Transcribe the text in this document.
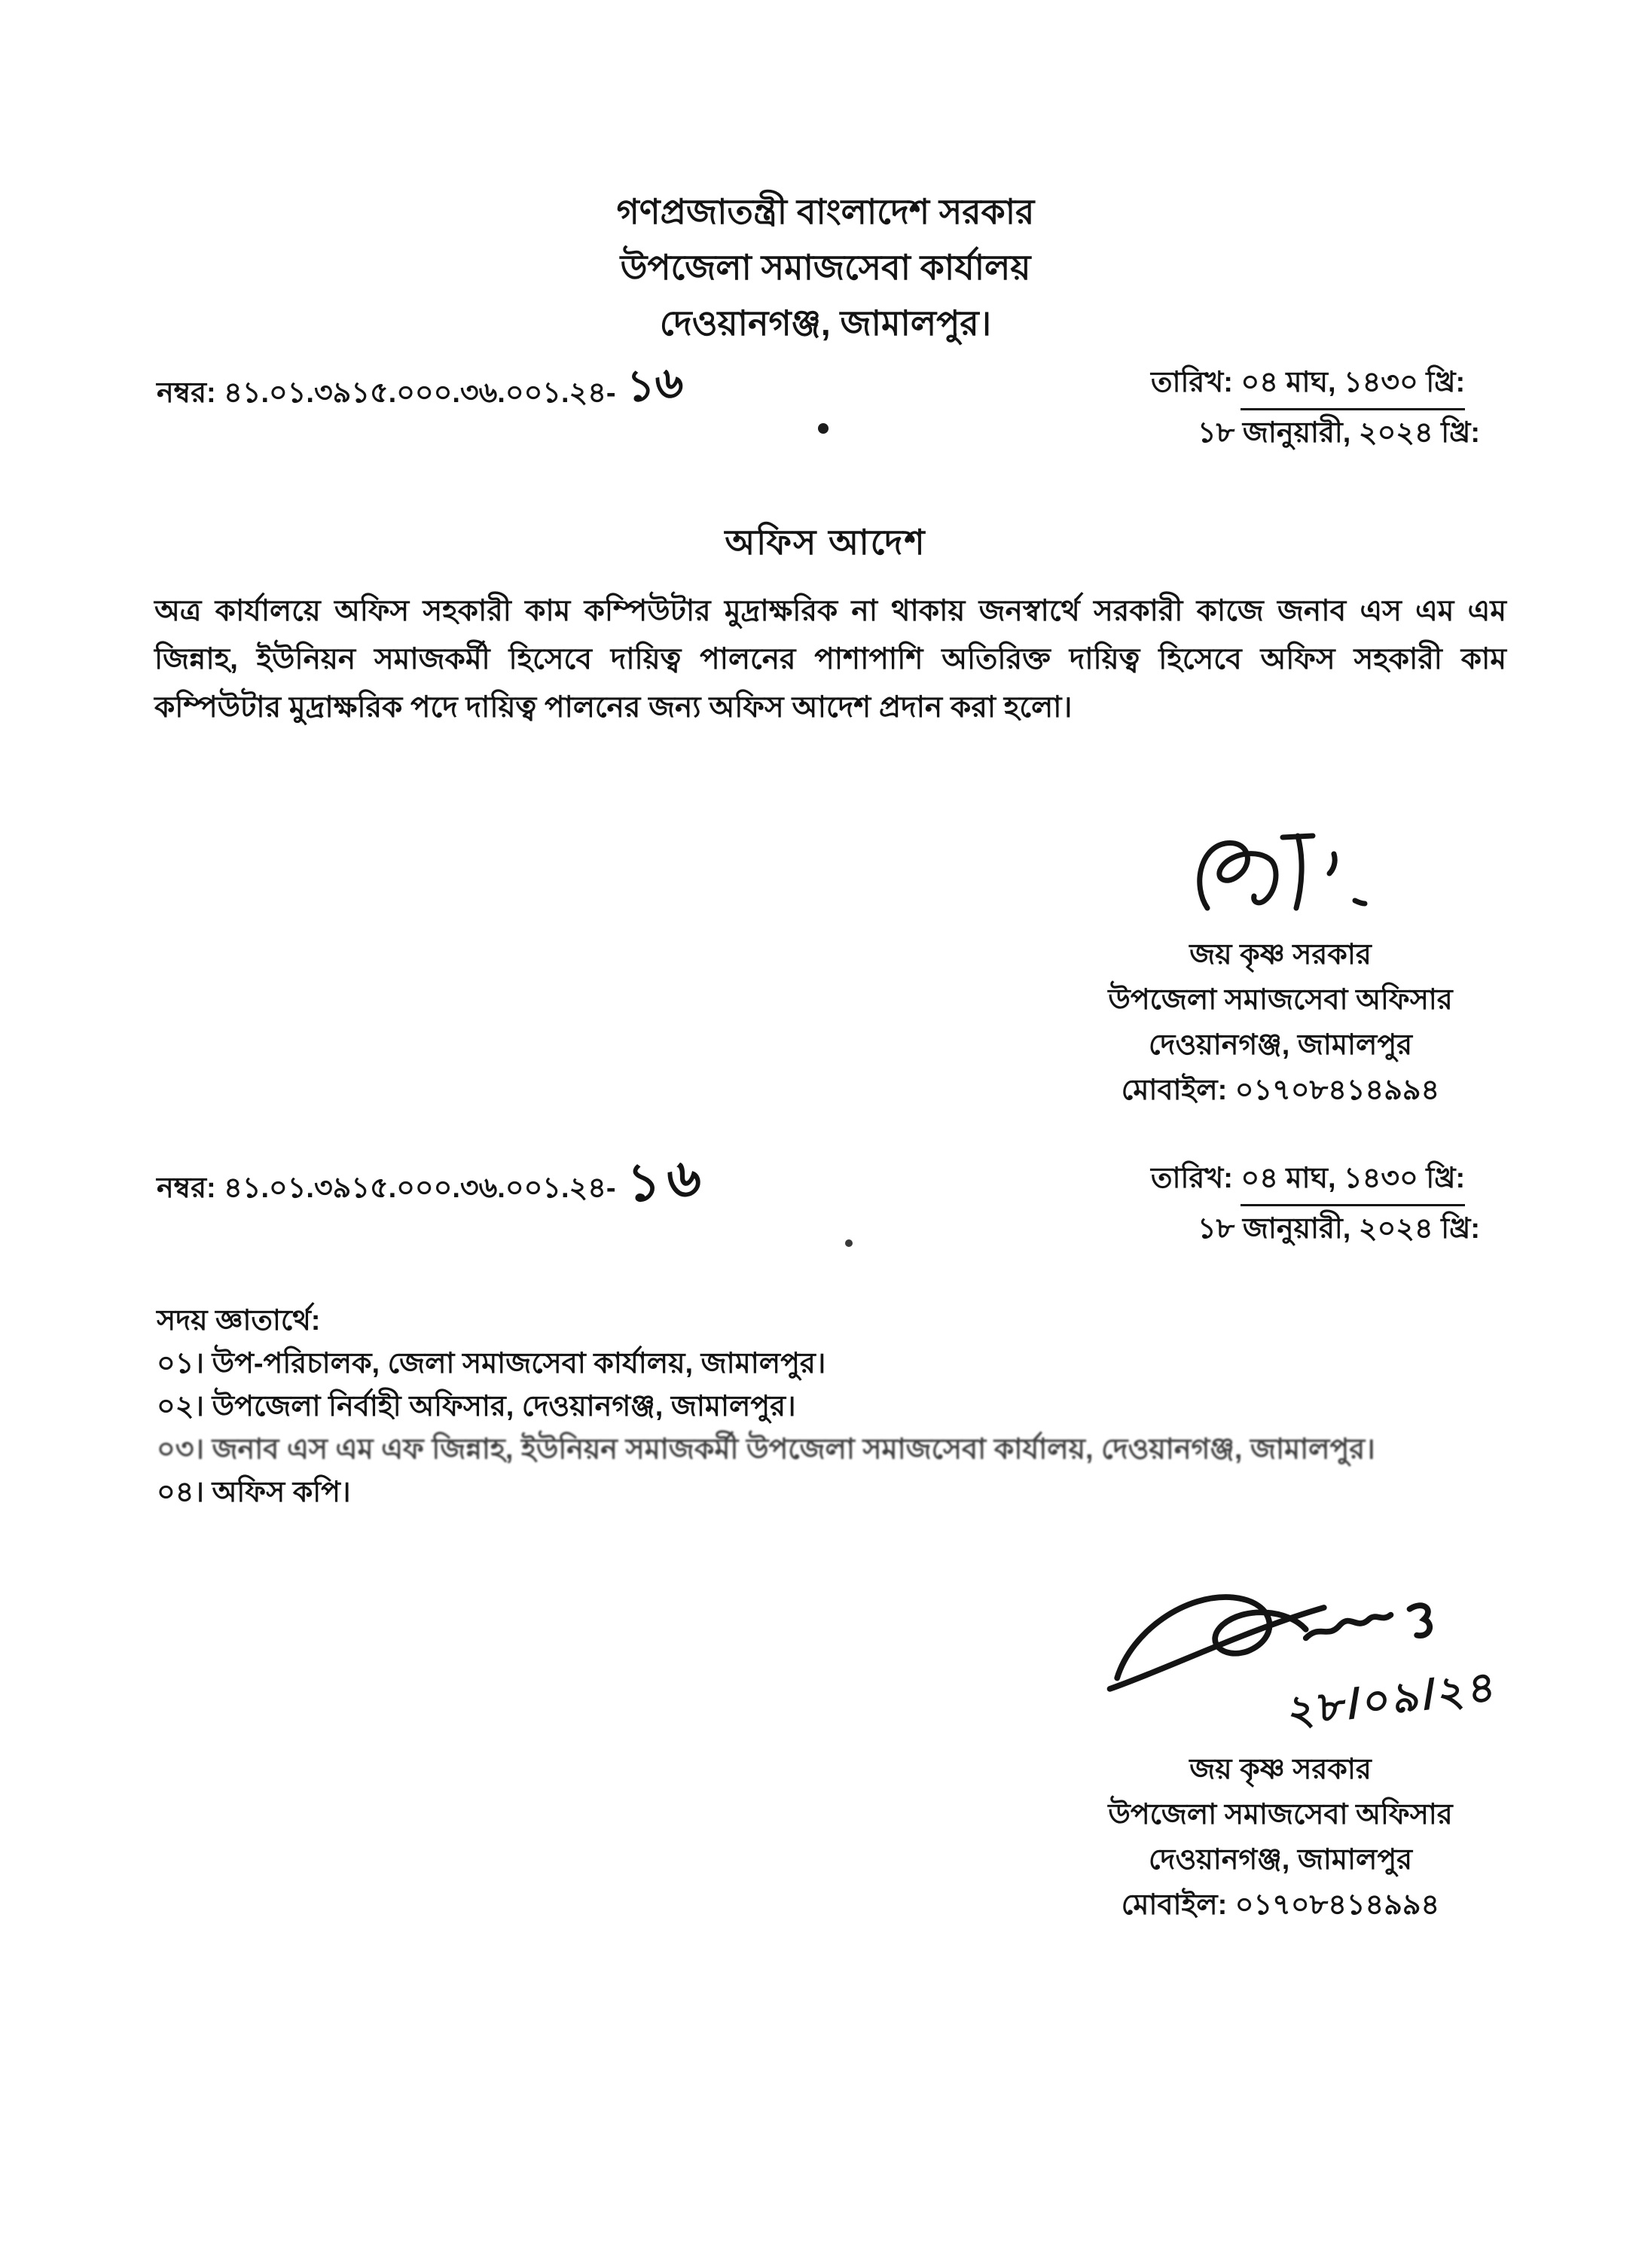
গণপ্রজাতন্ত্রী বাংলাদেশ সরকার
উপজেলা সমাজসেবা কার্যালয়
দেওয়ানগঞ্জ, জামালপুর।
নম্বর: ৪১.০১.৩৯১৫.০০০.৩৬.০০১.২৪- ১৬	তারিখ: ০৪ মাঘ, ১৪৩০ খ্রি:
১৮ জানুয়ারী, ২০২৪ খ্রি:
অফিস আদেশ
অত্র কার্যালয়ে অফিস সহকারী কাম কম্পিউটার মুদ্রাক্ষরিক না থাকায় জনস্বার্থে সরকারী কাজে জনাব এস এম এম জিন্নাহ, ইউনিয়ন সমাজকর্মী হিসেবে দায়িত্ব পালনের পাশাপাশি অতিরিক্ত দায়িত্ব হিসেবে অফিস সহকারী কাম কম্পিউটার মুদ্রাক্ষরিক পদে দায়িত্ব পালনের জন্য অফিস আদেশ প্রদান করা হলো।
জয় কৃষ্ণ সরকার
উপজেলা সমাজসেবা অফিসার
দেওয়ানগঞ্জ, জামালপুর
মোবাইল: ০১৭০৮৪১৪৯৯৪
নম্বর: ৪১.০১.৩৯১৫.০০০.৩৬.০০১.২৪- ১৬	তারিখ: ০৪ মাঘ, ১৪৩০ খ্রি:
১৮ জানুয়ারী, ২০২৪ খ্রি:
সদয় জ্ঞাতার্থে:
০১। উপ-পরিচালক, জেলা সমাজসেবা কার্যালয়, জামালপুর।
০২। উপজেলা নির্বাহী অফিসার, দেওয়ানগঞ্জ, জামালপুর।
০৩। জনাব এস এম এফ জিন্নাহ, ইউনিয়ন সমাজকর্মী উপজেলা সমাজসেবা কার্যালয়, দেওয়ানগঞ্জ, জামালপুর।
০৪। অফিস কপি।
২৮/০৯/২৪
জয় কৃষ্ণ সরকার
উপজেলা সমাজসেবা অফিসার
দেওয়ানগঞ্জ, জামালপুর
মোবাইল: ০১৭০৮৪১৪৯৯৪
